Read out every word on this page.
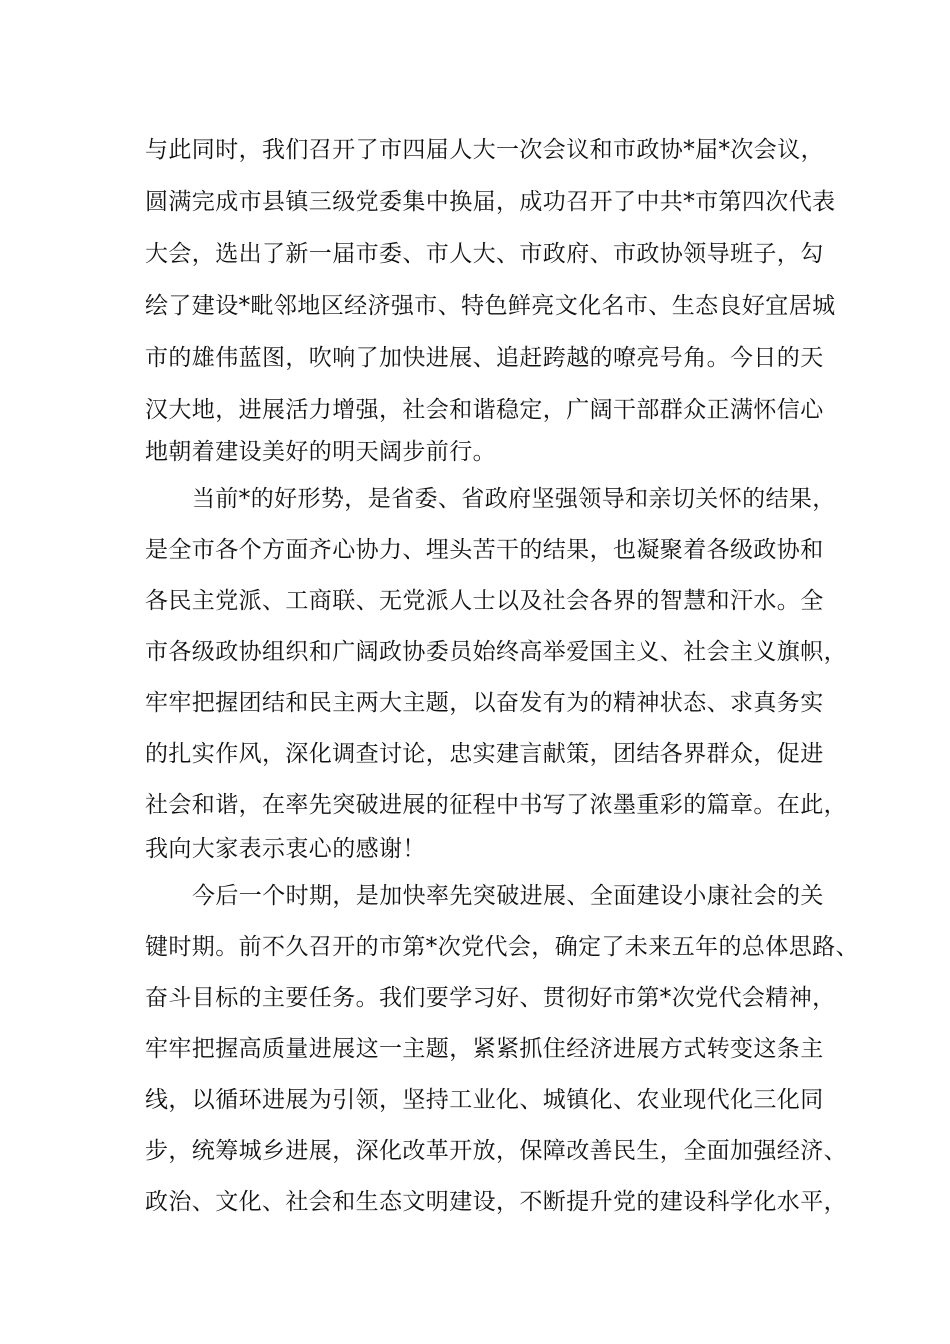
与此同时，我们召开了市四届人大一次会议和市政协*届*次会议，
圆满完成市县镇三级党委集中换届，成功召开了中共*市第四次代表
大会，选出了新一届市委、市人大、市政府、市政协领导班子，勾
绘了建设*毗邻地区经济强市、特色鲜亮文化名市、生态良好宜居城
市的雄伟蓝图，吹响了加快进展、追赶跨越的嘹亮号角。今日的天
汉大地，进展活力增强，社会和谐稳定，广阔干部群众正满怀信心
地朝着建设美好的明天阔步前行。
当前*的好形势，是省委、省政府坚强领导和亲切关怀的结果，
是全市各个方面齐心协力、埋头苦干的结果，也凝聚着各级政协和
各民主党派、工商联、无党派人士以及社会各界的智慧和汗水。全
市各级政协组织和广阔政协委员始终高举爱国主义、社会主义旗帜，
牢牢把握团结和民主两大主题，以奋发有为的精神状态、求真务实
的扎实作风，深化调查讨论，忠实建言献策，团结各界群众，促进
社会和谐，在率先突破进展的征程中书写了浓墨重彩的篇章。在此，
我向大家表示衷心的感谢！
今后一个时期，是加快率先突破进展、全面建设小康社会的关
键时期。前不久召开的市第*次党代会，确定了未来五年的总体思路、
奋斗目标的主要任务。我们要学习好、贯彻好市第*次党代会精神，
牢牢把握高质量进展这一主题，紧紧抓住经济进展方式转变这条主
线，以循环进展为引领，坚持工业化、城镇化、农业现代化三化同
步，统筹城乡进展，深化改革开放，保障改善民生，全面加强经济、
政治、文化、社会和生态文明建设，不断提升党的建设科学化水平，
